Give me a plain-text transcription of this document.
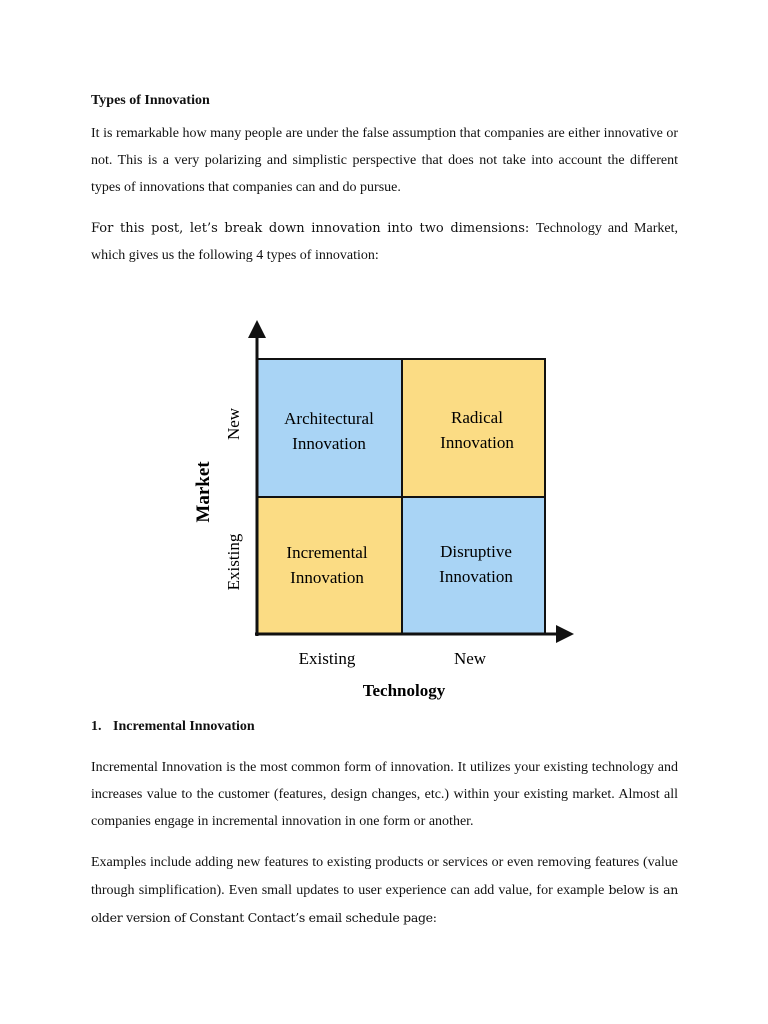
Types of Innovation

It is remarkable how many people are under the false assumption that companies are either innovative or not. This is a very polarizing and simplistic perspective that does not take into account the different types of innovations that companies can and do pursue.

For this post, let’s break down innovation into two dimensions: Technology and Market, which gives us the following 4 types of innovation:

Architectural
Innovation
Radical
Innovation
Incremental
Innovation
Disruptive
Innovation
Market
New
Existing
Existing	New
Technology
1. Incremental Innovation

Incremental Innovation is the most common form of innovation. It utilizes your existing technology and increases value to the customer (features, design changes, etc.) within your existing market. Almost all companies engage in incremental innovation in one form or another.

Examples include adding new features to existing products or services or even removing features (value through simplification). Even small updates to user experience can add value, for example below is an older version of Constant Contact’s email schedule page:
